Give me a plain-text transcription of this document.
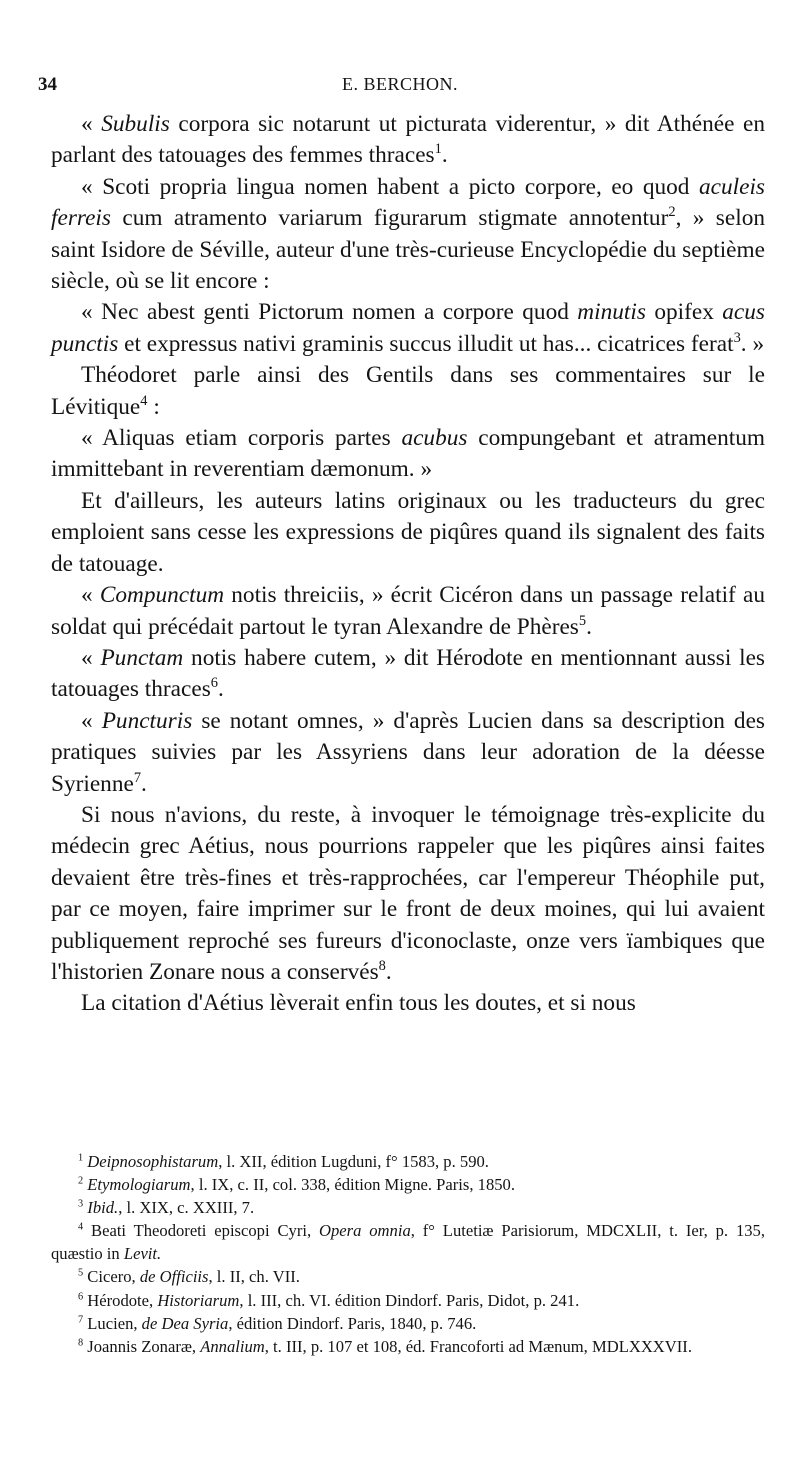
34	E. BERCHON.

« Subulis corpora sic notarunt ut picturata viderentur, » dit Athénée en parlant des tatouages des femmes thraces$^1$.

« Scoti propria lingua nomen habent a picto corpore, eo quod aculeis ferreis cum atramento variarum figurarum stigmate annotentur$^2$, » selon saint Isidore de Séville, auteur d'une très-curieuse Encyclopédie du septième siècle, où se lit encore :

« Nec abest genti Pictorum nomen a corpore quod minutis opifex acus punctis et expressus nativi graminis succus illudit ut has... cicatrices ferat$^3$. »

Théodoret parle ainsi des Gentils dans ses commentaires sur le Lévitique$^4$ :

« Aliquas etiam corporis partes acubus compungebant et atramentum immittebant in reverentiam dæmonum. »

Et d'ailleurs, les auteurs latins originaux ou les traducteurs du grec emploient sans cesse les expressions de piqûres quand ils signalent des faits de tatouage.

« Compunctum notis threiciis, » écrit Cicéron dans un passage relatif au soldat qui précédait partout le tyran Alexandre de Phères$^5$.

« Punctam notis habere cutem, » dit Hérodote en mentionnant aussi les tatouages thraces$^6$.

« Puncturis se notant omnes, » d'après Lucien dans sa description des pratiques suivies par les Assyriens dans leur adoration de la déesse Syrienne$^7$.

Si nous n'avions, du reste, à invoquer le témoignage très-explicite du médecin grec Aétius, nous pourrions rappeler que les piqûres ainsi faites devaient être très-fines et très-rapprochées, car l'empereur Théophile put, par ce moyen, faire imprimer sur le front de deux moines, qui lui avaient publiquement reproché ses fureurs d'iconoclaste, onze vers ïambiques que l'historien Zonare nous a conservés$^8$.

La citation d'Aétius lèverait enfin tous les doutes, et si nous

$^1$ Deipnosophistarum, l. XII, édition Lugduni, f° 1583, p. 590.

$^2$ Etymologiarum, l. IX, c. II, col. 338, édition Migne. Paris, 1850.

$^3$ Ibid., l. XIX, c. XXIII, 7.

$^4$ Beati Theodoreti episcopi Cyri, Opera omnia, f° Lutetiæ Parisiorum, MDCXLII, t. Ier, p. 135, quæstio in Levit.

$^5$ Cicero, de Officiis, l. II, ch. VII.

$^6$ Hérodote, Historiarum, l. III, ch. VI. édition Dindorf. Paris, Didot, p. 241.

$^7$ Lucien, de Dea Syria, édition Dindorf. Paris, 1840, p. 746.

$^8$ Joannis Zonaræ, Annalium, t. III, p. 107 et 108, éd. Francoforti ad Mænum, MDLXXXVII.
